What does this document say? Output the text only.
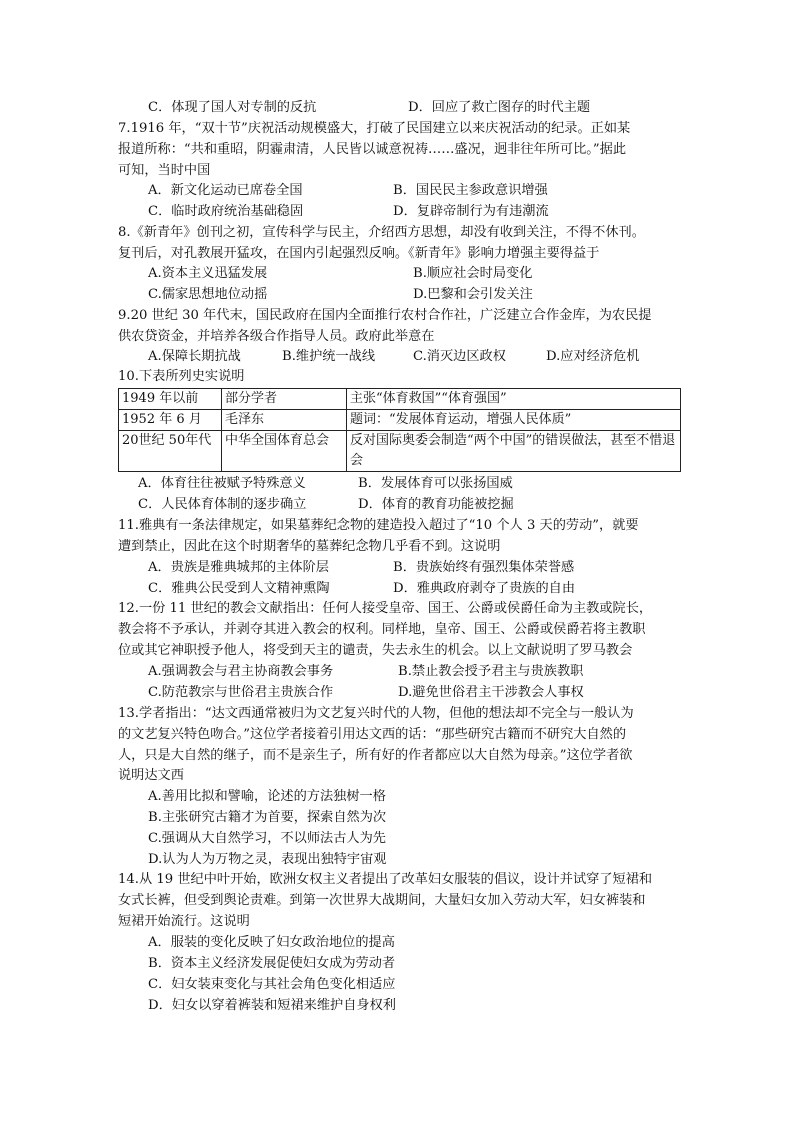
C．体现了国人对专制的反抗	D．回应了救亡图存的时代主题
7.1916 年，“双十节”庆祝活动规模盛大，打破了民国建立以来庆祝活动的纪录。正如某
报道所称：“共和重昭，阴霾肃清，人民皆以诚意祝祷……盛况，迥非往年所可比。”据此
可知，当时中国
A．新文化运动已席卷全国	B．国民民主参政意识增强
C．临时政府统治基础稳固	D．复辟帝制行为有违潮流
8.《新青年》创刊之初，宣传科学与民主，介绍西方思想，却没有收到关注，不得不休刊。
复刊后，对孔教展开猛攻，在国内引起强烈反响。《新青年》影响力增强主要得益于
A.资本主义迅猛发展	B.顺应社会时局变化
C.儒家思想地位动摇	D.巴黎和会引发关注
9.20 世纪 30 年代末，国民政府在国内全面推行农村合作社，广泛建立合作金库，为农民提
供农贷资金，并培养各级合作指导人员。政府此举意在
A.保障长期抗战	B.维护统一战线	C.消灭边区政权	D.应对经济危机
10.下表所列史实说明
1949 年以前	部分学者	主张“体育救国”“体育强国”
1952 年 6 月	毛泽东	题词：“发展体育运动，增强人民体质”
20世纪 50年代	中华全国体育总会	反对国际奥委会制造“两个中国”的错误做法，甚至不惜退会
A．体育往往被赋予特殊意义	B．发展体育可以张扬国威
C．人民体育体制的逐步确立	D．体育的教育功能被挖掘
11.雅典有一条法律规定，如果墓葬纪念物的建造投入超过了“10 个人 3 天的劳动”，就要
遭到禁止，因此在这个时期奢华的墓葬纪念物几乎看不到。这说明
A．贵族是雅典城邦的主体阶层	B．贵族始终有强烈集体荣誉感
C．雅典公民受到人文精神熏陶	D．雅典政府剥夺了贵族的自由
12.一份 11 世纪的教会文献指出：任何人接受皇帝、国王、公爵或侯爵任命为主教或院长，
教会将不予承认，并剥夺其进入教会的权利。同样地，皇帝、国王、公爵或侯爵若将主教职
位或其它神职授予他人，将受到天主的谴责，失去永生的机会。以上文献说明了罗马教会
A.强调教会与君主协商教会事务	B.禁止教会授予君主与贵族教职
C.防范教宗与世俗君主贵族合作	D.避免世俗君主干涉教会人事权
13.学者指出：“达文西通常被归为文艺复兴时代的人物，但他的想法却不完全与一般认为
的文艺复兴特色吻合。”这位学者接着引用达文西的话：“那些研究古籍而不研究大自然的
人，只是大自然的继子，而不是亲生子，所有好的作者都应以大自然为母亲。”这位学者欲
说明达文西
A.善用比拟和譬喻，论述的方法独树一格
B.主张研究古籍才为首要，探索自然为次
C.强调从大自然学习，不以师法古人为先
D.认为人为万物之灵，表现出独特宇宙观
14.从 19 世纪中叶开始，欧洲女权主义者提出了改革妇女服装的倡议，设计并试穿了短裙和
女式长裤，但受到舆论责难。到第一次世界大战期间，大量妇女加入劳动大军，妇女裤装和
短裙开始流行。这说明
A．服装的变化反映了妇女政治地位的提高
B．资本主义经济发展促使妇女成为劳动者
C．妇女装束变化与其社会角色变化相适应
D．妇女以穿着裤装和短裙来维护自身权利
